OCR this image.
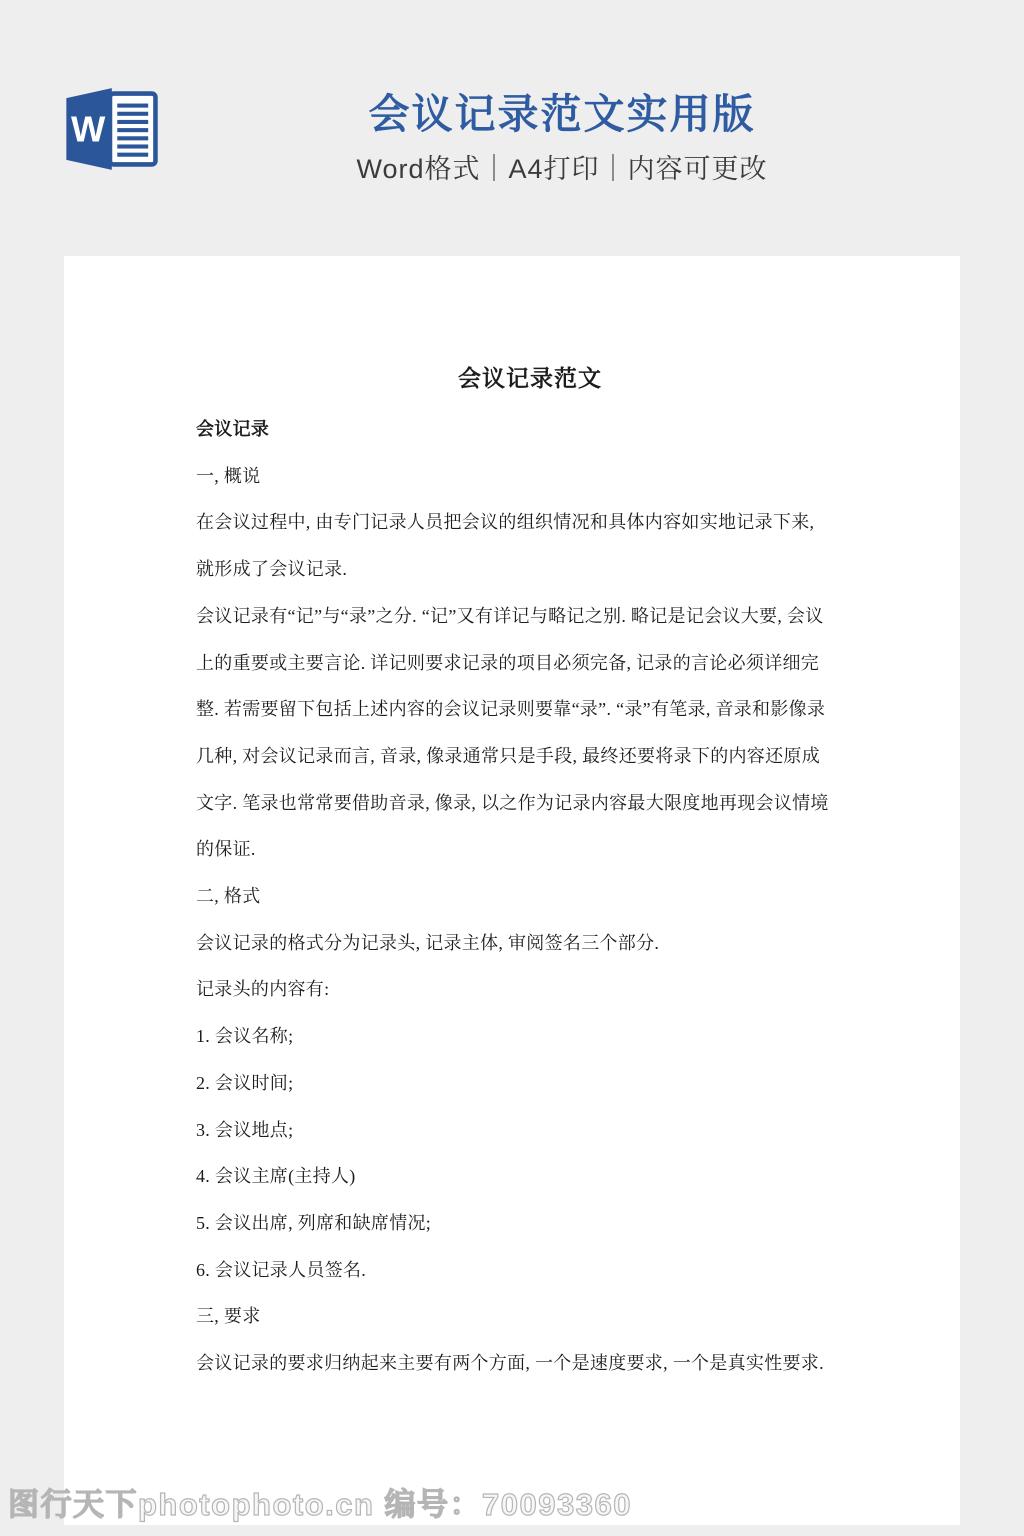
W	会议记录范文实用版
Word格式｜A4打印｜内容可更改
会议记录范文
会议记录
一, 概说
在会议过程中, 由专门记录人员把会议的组织情况和具体内容如实地记录下来,
就形成了会议记录.
会议记录有“记”与“录”之分. “记”又有详记与略记之别. 略记是记会议大要, 会议
上的重要或主要言论. 详记则要求记录的项目必须完备, 记录的言论必须详细完
整. 若需要留下包括上述内容的会议记录则要靠“录”. “录”有笔录, 音录和影像录
几种, 对会议记录而言, 音录, 像录通常只是手段, 最终还要将录下的内容还原成
文字. 笔录也常常要借助音录, 像录, 以之作为记录内容最大限度地再现会议情境
的保证.
二, 格式
会议记录的格式分为记录头, 记录主体, 审阅签名三个部分.
记录头的内容有:
1. 会议名称;
2. 会议时间;
3. 会议地点;
4. 会议主席(主持人)
5. 会议出席, 列席和缺席情况;
6. 会议记录人员签名.
三, 要求
会议记录的要求归纳起来主要有两个方面, 一个是速度要求, 一个是真实性要求.
图行天下photophoto.cn 编号：70093360
